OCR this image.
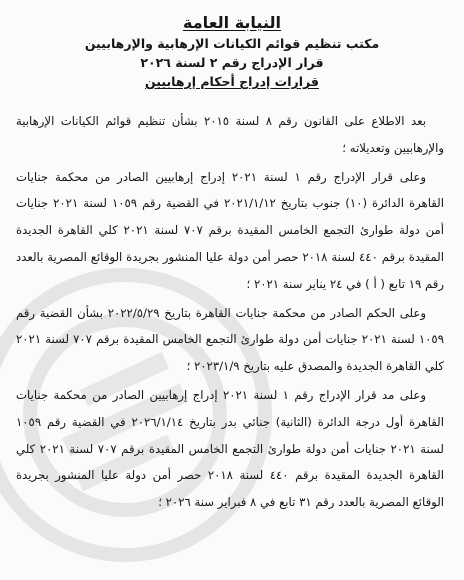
النيابة العامة

مكتب تنظيم قوائم الكيانات الإرهابية والإرهابيين

قرار الإدراج رقم ٢ لسنة ٢٠٢٦

قرارات إدراج أحكام إرهابيين

بعد الاطلاع على القانون رقم ٨ لسنة ٢٠١٥ بشأن تنظيم قوائم الكيانات الإرهابية والإرهابيين وتعديلاته ؛

وعلى قرار الإدراج رقم ١ لسنة ٢٠٢١ إدراج إرهابيين الصادر من محكمة جنايات القاهرة الدائرة (١٠) جنوب بتاريخ ٢٠٢١/١/١٢ في القضية رقم ١٠٥٩ لسنة ٢٠٢١ جنايات أمن دولة طوارئ التجمع الخامس المقيدة برقم ٧٠٧ لسنة ٢٠٢١ كلي القاهرة الجديدة المقيدة برقم ٤٤٠ لسنة ٢٠١٨ حصر أمن دولة عليا المنشور بجريدة الوقائع المصرية بالعدد رقم ١٩ تابع ( أ ) في ٢٤ يناير سنة ٢٠٢١ ؛

وعلى الحكم الصادر من محكمة جنايات القاهرة بتاريخ ٢٠٢٢/٥/٢٩ بشأن القضية رقم ١٠٥٩ لسنة ٢٠٢١ جنايات أمن دولة طوارئ التجمع الخامس المقيدة برقم ٧٠٧ لسنة ٢٠٢١ كلي القاهرة الجديدة والمصدق عليه بتاريخ ٢٠٢٣/١/٩ ؛

وعلى مد قرار الإدراج رقم ١ لسنة ٢٠٢١ إدراج إرهابيين الصادر من محكمة جنايات القاهرة أول درجة الدائرة (الثانية) جنائي بدر بتاريخ ٢٠٢٦/١/١٤ في القضية رقم ١٠٥٩ لسنة ٢٠٢١ جنايات أمن دولة طوارئ التجمع الخامس المقيدة برقم ٧٠٧ لسنة ٢٠٢١ كلي القاهرة الجديدة المقيدة برقم ٤٤٠ لسنة ٢٠١٨ حصر أمن دولة عليا المنشور بجريدة الوقائع المصرية بالعدد رقم ٣١ تابع في ٨ فبراير سنة ٢٠٢٦ ؛
